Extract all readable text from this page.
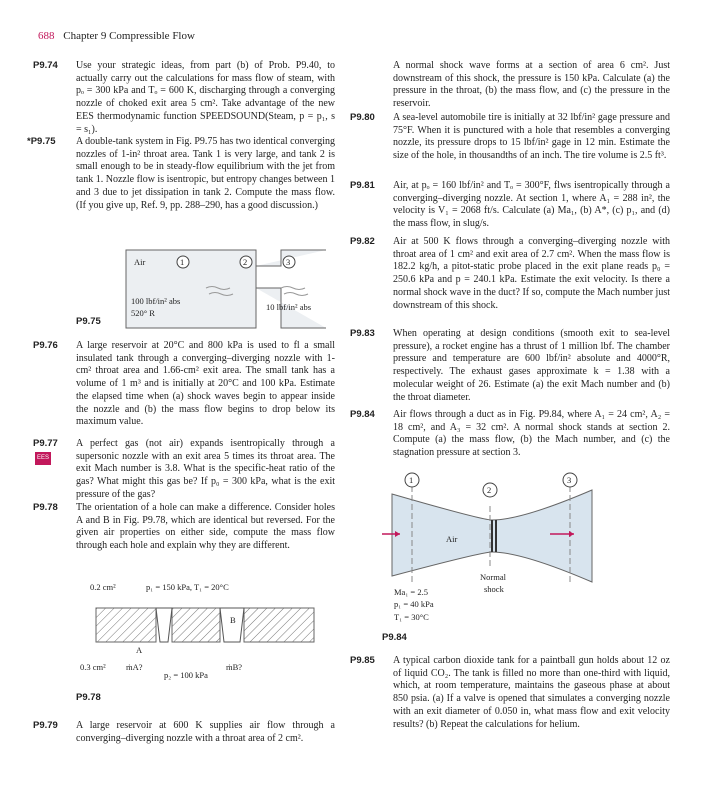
688 Chapter 9 Compressible Flow
P9.74 Use your strategic ideas, from part (b) of Prob. P9.40, to actually carry out the calculations for mass flow of steam, with pₒ = 300 kPa and Tₒ = 600 K, discharging through a converging nozzle of choked exit area 5 cm². Take advantage of the new EES thermodynamic function SPEEDSOUND(Steam, p = p₁, s = s₁).
*P9.75 A double-tank system in Fig. P9.75 has two identical converging nozzles of 1-in² throat area. Tank 1 is very large, and tank 2 is small enough to be in steady-flow equilibrium with the jet from tank 1. Nozzle flow is isentropic, but entropy changes between 1 and 3 due to jet dissipation in tank 2. Compute the mass flow. (If you give up, Ref. 9, pp. 288–290, has a good discussion.)
Air	1	2	3
100 lbf/in² abs
520° R
10 lbf/in² abs
P9.75
P9.76 A large reservoir at 20°C and 800 kPa is used to fl a small insulated tank through a converging–diverging nozzle with 1-cm² throat area and 1.66-cm² exit area. The small tank has a volume of 1 m³ and is initially at 20°C and 100 kPa. Estimate the elapsed time when (a) shock waves begin to appear inside the nozzle and (b) the mass flow begins to drop below its maximum value.
P9.77
EES
A perfect gas (not air) expands isentropically through a supersonic nozzle with an exit area 5 times its throat area. The exit Mach number is 3.8. What is the specific-heat ratio of the gas? What might this gas be? If p₀ = 300 kPa, what is the exit pressure of the gas?
P9.78 The orientation of a hole can make a difference. Consider holes A and B in Fig. P9.78, which are identical but reversed. For the given air properties on either side, compute the mass flow through each hole and explain why they are different.
0.2 cm²	p₁ = 150 kPa, T₁ = 20°C
A
B
0.3 cm² ṁA?
p₂ = 100 kPa
ṁB?
P9.78
P9.79 A large reservoir at 600 K supplies air flow through a converging–diverging nozzle with a throat area of 2 cm².
A normal shock wave forms at a section of area 6 cm². Just downstream of this shock, the pressure is 150 kPa. Calculate (a) the pressure in the throat, (b) the mass flow, and (c) the pressure in the reservoir.
P9.80 A sea-level automobile tire is initially at 32 lbf/in² gage pressure and 75°F. When it is punctured with a hole that resembles a converging nozzle, its pressure drops to 15 lbf/in² gage in 12 min. Estimate the size of the hole, in thousandths of an inch. The tire volume is 2.5 ft³.
P9.81 Air, at pₒ = 160 lbf/in² and Tₒ = 300°F, flws isentropically through a converging–diverging nozzle. At section 1, where A₁ = 288 in², the velocity is V₁ = 2068 ft/s. Calculate (a) Ma₁, (b) A*, (c) p₁, and (d) the mass flow, in slug/s.
P9.82 Air at 500 K flows through a converging–diverging nozzle with throat area of 1 cm² and exit area of 2.7 cm². When the mass flow is 182.2 kg/h, a pitot-static probe placed in the exit plane reads p₀ = 250.6 kPa and p = 240.1 kPa. Estimate the exit velocity. Is there a normal shock wave in the duct? If so, compute the Mach number just downstream of this shock.
P9.83 When operating at design conditions (smooth exit to sea-level pressure), a rocket engine has a thrust of 1 million lbf. The chamber pressure and temperature are 600 lbf/in² absolute and 4000°R, respectively. The exhaust gases approximate k = 1.38 with a molecular weight of 26. Estimate (a) the exit Mach number and (b) the throat diameter.
P9.84 Air flows through a duct as in Fig. P9.84, where A₁ = 24 cm², A₂ = 18 cm², and A₃ = 32 cm². A normal shock stands at section 2. Compute (a) the mass flow, (b) the Mach number, and (c) the stagnation pressure at section 3.
1
2
3
Air
Normal
shock
Ma₁ = 2.5
p₁ = 40 kPa
T₁ = 30°C
P9.84
P9.85 A typical carbon dioxide tank for a paintball gun holds about 12 oz of liquid CO₂. The tank is filled no more than one-third with liquid, which, at room temperature, maintains the gaseous phase at about 850 psia. (a) If a valve is opened that simulates a converging nozzle with an exit diameter of 0.050 in, what mass flow and exit velocity results? (b) Repeat the calculations for helium.
